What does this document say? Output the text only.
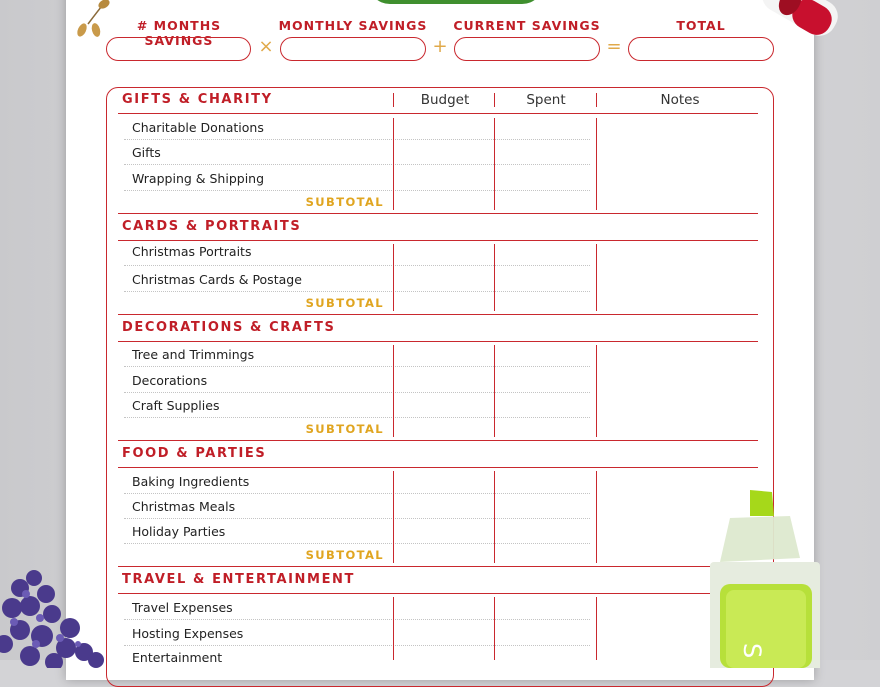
# MONTHS SAVINGS
MONTHLY SAVINGS CURRENT SAVINGS	TOTAL
×	+	=
Budget	Spent	Notes
GIFTS & CHARITY
Charitable Donations
Gifts
Wrapping & Shipping
SUBTOTAL
CARDS & PORTRAITS
Christmas Portraits
Christmas Cards & Postage
SUBTOTAL
DECORATIONS & CRAFTS
Tree and Trimmings
Decorations
Craft Supplies
SUBTOTAL
FOOD & PARTIES
Baking Ingredients
Christmas Meals
Holiday Parties
SUBTOTAL
TRAVEL & ENTERTAINMENT
Travel Expenses
Hosting Expenses
Entertainment	S
